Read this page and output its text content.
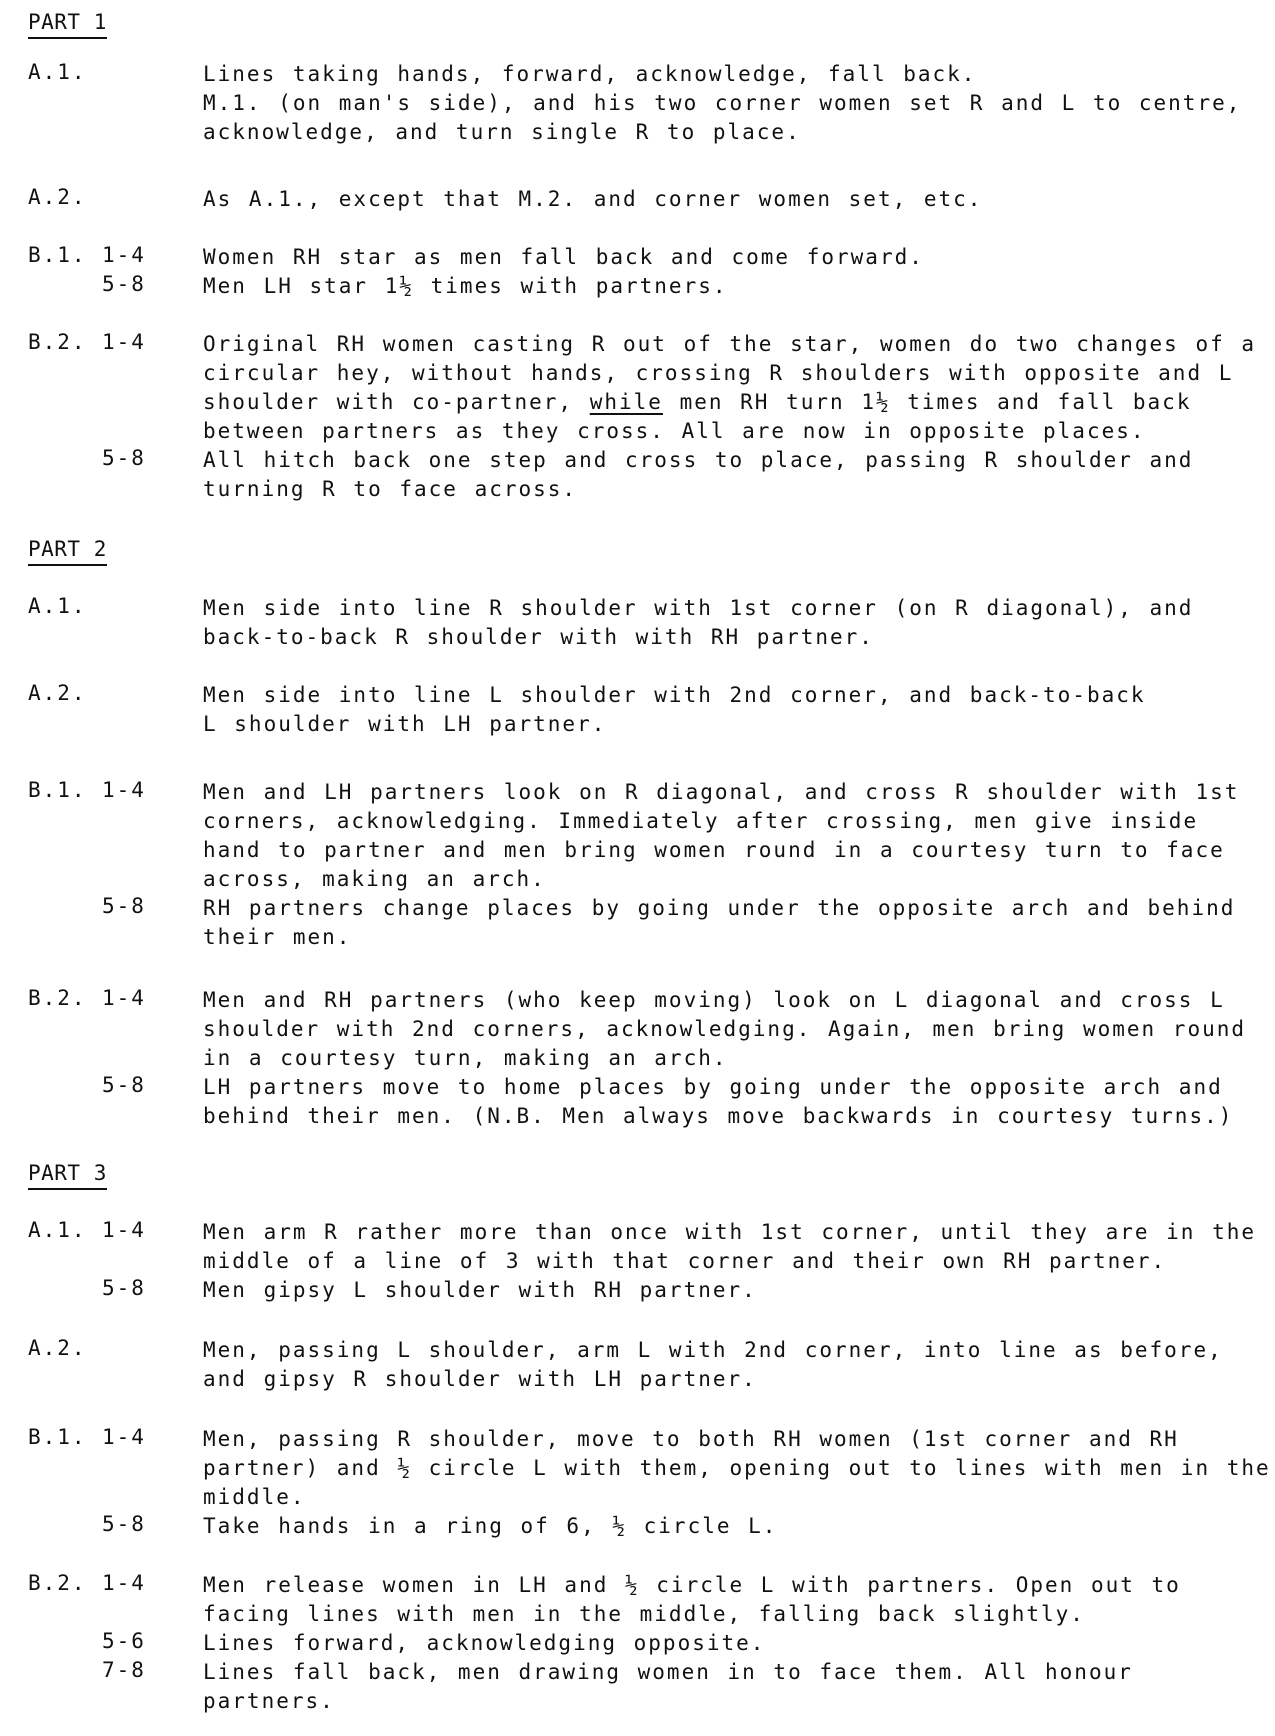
PART 1
A.1.	Lines taking hands, forward, acknowledge, fall back.
M.1. (on man's side), and his two corner women set R and L to centre,
acknowledge, and turn single R to place.
A.2.	As A.1., except that M.2. and corner women set, etc.
B.1. 1-4	Women RH star as men fall back and come forward.
5-8	Men LH star 1½ times with partners.
B.2. 1-4	Original RH women casting R out of the star, women do two changes of a
circular hey, without hands, crossing R shoulders with opposite and L
shoulder with co-partner, while men RH turn 1½ times and fall back
between partners as they cross. All are now in opposite places.
5-8	All hitch back one step and cross to place, passing R shoulder and
turning R to face across.
PART 2
A.1.	Men side into line R shoulder with 1st corner (on R diagonal), and
back-to-back R shoulder with with RH partner.
A.2.	Men side into line L shoulder with 2nd corner, and back-to-back
L shoulder with LH partner.
B.1. 1-4	Men and LH partners look on R diagonal, and cross R shoulder with 1st
corners, acknowledging. Immediately after crossing, men give inside
hand to partner and men bring women round in a courtesy turn to face
across, making an arch.
5-8	RH partners change places by going under the opposite arch and behind
their men.
B.2. 1-4	Men and RH partners (who keep moving) look on L diagonal and cross L
shoulder with 2nd corners, acknowledging. Again, men bring women round
in a courtesy turn, making an arch.
5-8	LH partners move to home places by going under the opposite arch and
behind their men. (N.B. Men always move backwards in courtesy turns.)
PART 3
A.1. 1-4	Men arm R rather more than once with 1st corner, until they are in the
middle of a line of 3 with that corner and their own RH partner.
5-8	Men gipsy L shoulder with RH partner.
A.2.	Men, passing L shoulder, arm L with 2nd corner, into line as before,
and gipsy R shoulder with LH partner.
B.1. 1-4	Men, passing R shoulder, move to both RH women (1st corner and RH
partner) and ½ circle L with them, opening out to lines with men in the
middle.
5-8	Take hands in a ring of 6, ½ circle L.
B.2. 1-4	Men release women in LH and ½ circle L with partners. Open out to
facing lines with men in the middle, falling back slightly.
5-6	Lines forward, acknowledging opposite.
7-8	Lines fall back, men drawing women in to face them. All honour
partners.
